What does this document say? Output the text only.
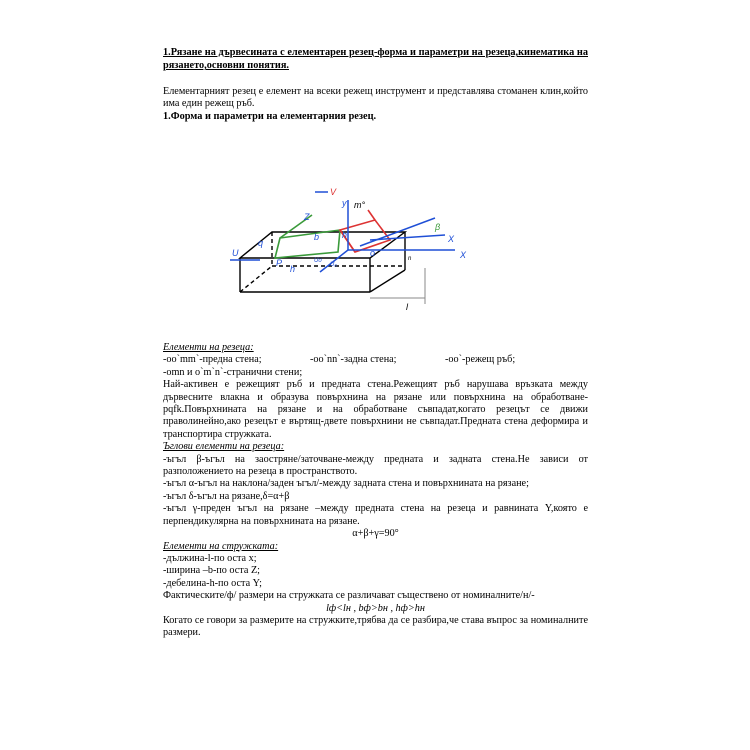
1.Рязане на дървесината с елементарен резец-форма и параметри на резеца,кинематика на рязането,основни понятия.

Елементарният резец е елемент на всеки режещ инструмент и представлява стоманен клин,който има един режещ ръб.

1.Форма и параметри на елементарния резец.

V
y m°
Z
q
b	h
P
h
o
X
X
U
β
l
Uo
U₀
n

Елементи на резеца:

-oo`mm`-предна стена;	-oo`nn`-задна стена;	-oo`-режещ ръб;

-omn и o`m`n`-странични стени;

Най-активен е режещият ръб и предната стена.Режещият ръб нарушава връзката между дървесните влакна и образува повърхнина на рязане или повърхнина на обработване-pqfk.Повърхнината на рязане и на обработване съвпадат,когато резецът се движи праволинейно,ако резецът е въртящ-двете повърхнини не съвпадат.Предната стена деформира и транспортира стружката.

Ъглови елементи на резеца:

-ъгъл β-ъгъл на заостряне/заточване-между предната и задната стена.Не зависи от разположението на резеца в пространството.

-ъгъл α-ъгъл на наклона/заден ъгъл/-между задната стена и повърхнината на рязане;

-ъгъл δ-ъгъл на рязане,δ=α+β

-ъгъл γ-преден ъгъл на рязане –между предната стена на резеца и равнината Y,която е перпендикулярна на повърхнината на рязане.

α+β+γ=90°

Елементи на стружката:

-дължина-l-по оста x;

-ширина –b-по оста Z;

-дебелина-h-по оста Y;

Фактическите/ф/ размери на стружката се различават съществено от номиналните/н/-

lф<lн , bф>bн , hф>hн

Когато се говори за размерите на стружките,трябва да се разбира,че става въпрос за номиналните размери.
